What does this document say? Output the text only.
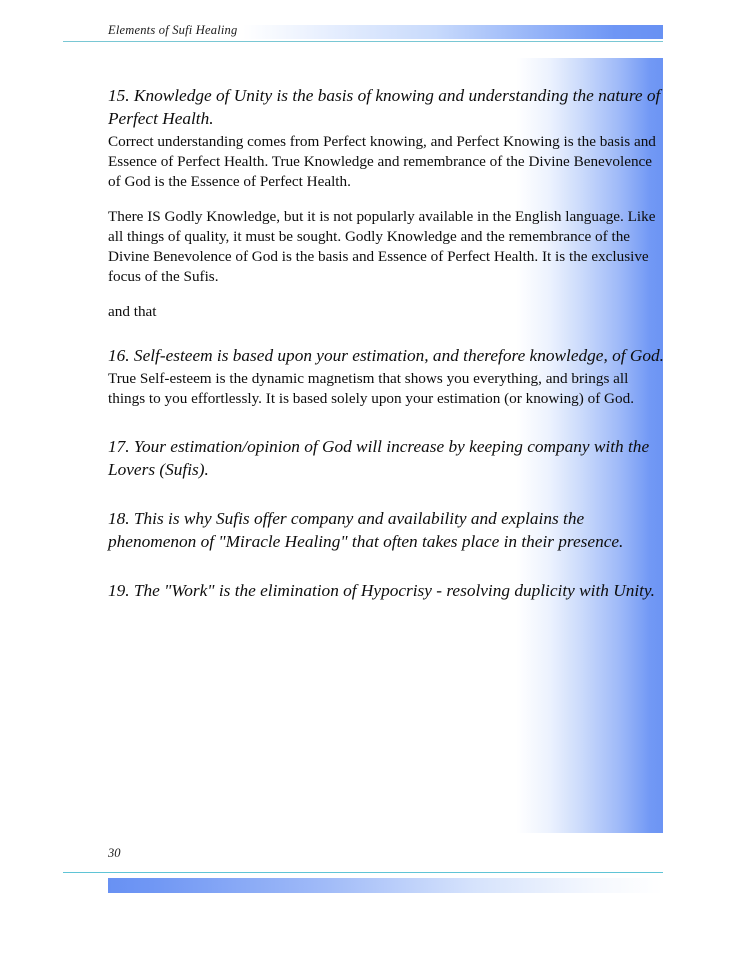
Elements of Sufi Healing

15. Knowledge of Unity is the basis of knowing and understanding the nature of Perfect Health.

Correct understanding comes from Perfect knowing, and Perfect Knowing is the basis and Essence of Perfect Health. True Knowledge and remembrance of the Divine Benevolence of God is the Essence of Perfect Health.

There IS Godly Knowledge, but it is not popularly available in the English language. Like all things of quality, it must be sought. Godly Knowledge and the remembrance of the Divine Benevolence of God is the basis and Essence of Perfect Health. It is the exclusive focus of the Sufis.

and that

16. Self-esteem is based upon your estimation, and therefore knowledge, of God.

True Self-esteem is the dynamic magnetism that shows you everything, and brings all things to you effortlessly. It is based solely upon your estimation (or knowing) of God.

17. Your estimation/opinion of God will increase by keeping company with the Lovers (Sufis).

18. This is why Sufis offer company and availability and explains the phenomenon of "Miracle Healing" that often takes place in their presence.

19. The "Work" is the elimination of Hypocrisy - resolving duplicity with Unity.

30
